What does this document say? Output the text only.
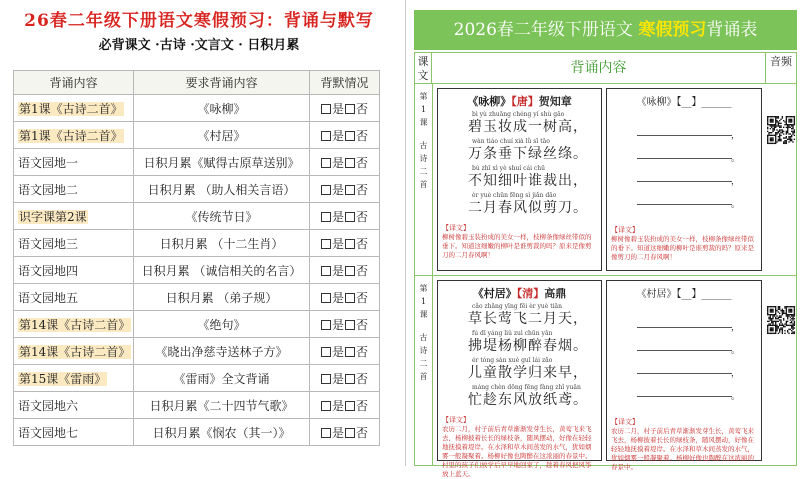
26春二年级下册语文寒假预习：背诵与默写
必背课文 ·古诗 ·文言文 · 日积月累
背诵内容	要求背诵内容	背默情况
第1课《古诗二首》	《咏柳》	是 否
第1课《古诗二首》	《村居》	是 否
语文园地一	日积月累《赋得古原草送别》	是 否
语文园地二	日积月累 （助人相关言语）	是 否
识字课第2课	《传统节日》	是 否
语文园地三	日积月累 （十二生肖）	是 否
语文园地四	日积月累 （诚信相关的名言）	是 否
语文园地五	日积月累 （弟子规）	是 否
第14课《古诗二首》	《绝句》	是 否
第14课《古诗二首》	《晓出净慈寺送林子方》	是 否
第15课《雷雨》	《雷雨》全文背诵	是 否
语文园地六	日积月累《二十四节气歌》	是 否
语文园地七	日积月累《悯农（其一）》	是 否
2026春二年级下册语文 寒假预习背诵表
课文	背诵内容	音频
第
1
课
古
诗
二
首
《咏柳》【唐】贺知章
bì yù zhuāng chéng yí shù gāo
碧玉妆成一树高，
wàn tiáo chuí xià lǜ sī tāo
万条垂下绿丝绦。
bù zhī xì yè shuí cái chū
不知细叶谁裁出，
èr yuè chūn fēng sì jiǎn dāo
二月春风似剪刀。
【译文】
柳树像碧玉装扮成的美女一样，枝柳条像绿丝带似的垂下。知道这细嫩的柳叶是谁剪裁的吗？原来是像剪刀的二月春风啊！
《咏柳》【__】______
，
。
，
。
【译文】
柳树像碧玉装扮成的美女一样，枝柳条像绿丝带似的垂下。知道这细嫩的柳叶是谁剪裁的吗？原来是像剪刀的二月春风啊！
第
1
课
古
诗
二
首
《村居》【清】高鼎
cǎo zhǎng yīng fēi èr yuè tiān
草长莺飞二月天，
fú dī yáng liǔ zuì chūn yān
拂堤杨柳醉春烟。
ér tóng sàn xué guī lái zǎo
儿童散学归来早，
máng chèn dōng fēng fàng zhǐ yuān
忙趁东风放纸鸢。
【译文】
农历二月，村子前后青草渐渐发芽生长，黄莺飞来飞去，杨柳披着长长的绿枝条，随风摆动，好像在轻轻地抚摸着堤岸。在水泽和草木间蒸发的水气，犹如烟雾一般凝聚着。杨柳好像也陶醉在这浓丽的春景中。村里的孩子们放学后早早地回家了，趁着春风把风筝放上蓝天。
《村居》【__】______
，
。
，
。
【译文】
农历二月，村子前后青草渐渐发芽生长，黄莺飞来飞去，杨柳披着长长的绿枝条，随风摆动，好像在轻轻地抚摸着堤岸。在水泽和草木间蒸发的水气，犹如烟雾一般凝聚着。杨柳好像也陶醉在这浓丽的春景中。
